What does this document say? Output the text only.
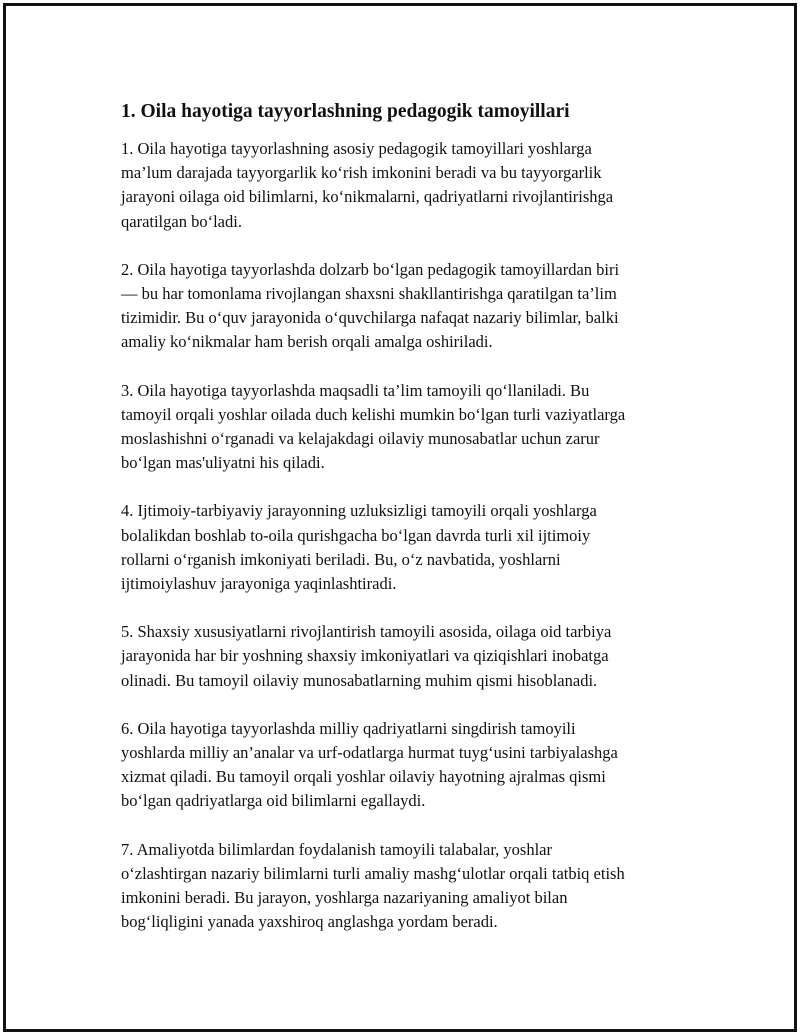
1. Oila hayotiga tayyorlashning pedagogik tamoyillari

1. Oila hayotiga tayyorlashning asosiy pedagogik tamoyillari yoshlarga
ma’lum darajada tayyorgarlik ko‘rish imkonini beradi va bu tayyorgarlik
jarayoni oilaga oid bilimlarni, ko‘nikmalarni, qadriyatlarni rivojlantirishga
qaratilgan bo‘ladi.

2. Oila hayotiga tayyorlashda dolzarb bo‘lgan pedagogik tamoyillardan biri
— bu har tomonlama rivojlangan shaxsni shakllantirishga qaratilgan ta’lim
tizimidir. Bu o‘quv jarayonida o‘quvchilarga nafaqat nazariy bilimlar, balki
amaliy ko‘nikmalar ham berish orqali amalga oshiriladi.

3. Oila hayotiga tayyorlashda maqsadli ta’lim tamoyili qo‘llaniladi. Bu
tamoyil orqali yoshlar oilada duch kelishi mumkin bo‘lgan turli vaziyatlarga
moslashishni o‘rganadi va kelajakdagi oilaviy munosabatlar uchun zarur
bo‘lgan mas'uliyatni his qiladi.

4. Ijtimoiy-tarbiyaviy jarayonning uzluksizligi tamoyili orqali yoshlarga
bolalikdan boshlab to-oila qurishgacha bo‘lgan davrda turli xil ijtimoiy
rollarni o‘rganish imkoniyati beriladi. Bu, o‘z navbatida, yoshlarni
ijtimoiylashuv jarayoniga yaqinlashtiradi.

5. Shaxsiy xususiyatlarni rivojlantirish tamoyili asosida, oilaga oid tarbiya
jarayonida har bir yoshning shaxsiy imkoniyatlari va qiziqishlari inobatga
olinadi. Bu tamoyil oilaviy munosabatlarning muhim qismi hisoblanadi.

6. Oila hayotiga tayyorlashda milliy qadriyatlarni singdirish tamoyili
yoshlarda milliy an’analar va urf-odatlarga hurmat tuyg‘usini tarbiyalashga
xizmat qiladi. Bu tamoyil orqali yoshlar oilaviy hayotning ajralmas qismi
bo‘lgan qadriyatlarga oid bilimlarni egallaydi.

7. Amaliyotda bilimlardan foydalanish tamoyili talabalar, yoshlar
o‘zlashtirgan nazariy bilimlarni turli amaliy mashg‘ulotlar orqali tatbiq etish
imkonini beradi. Bu jarayon, yoshlarga nazariyaning amaliyot bilan
bog‘liqligini yanada yaxshiroq anglashga yordam beradi.
